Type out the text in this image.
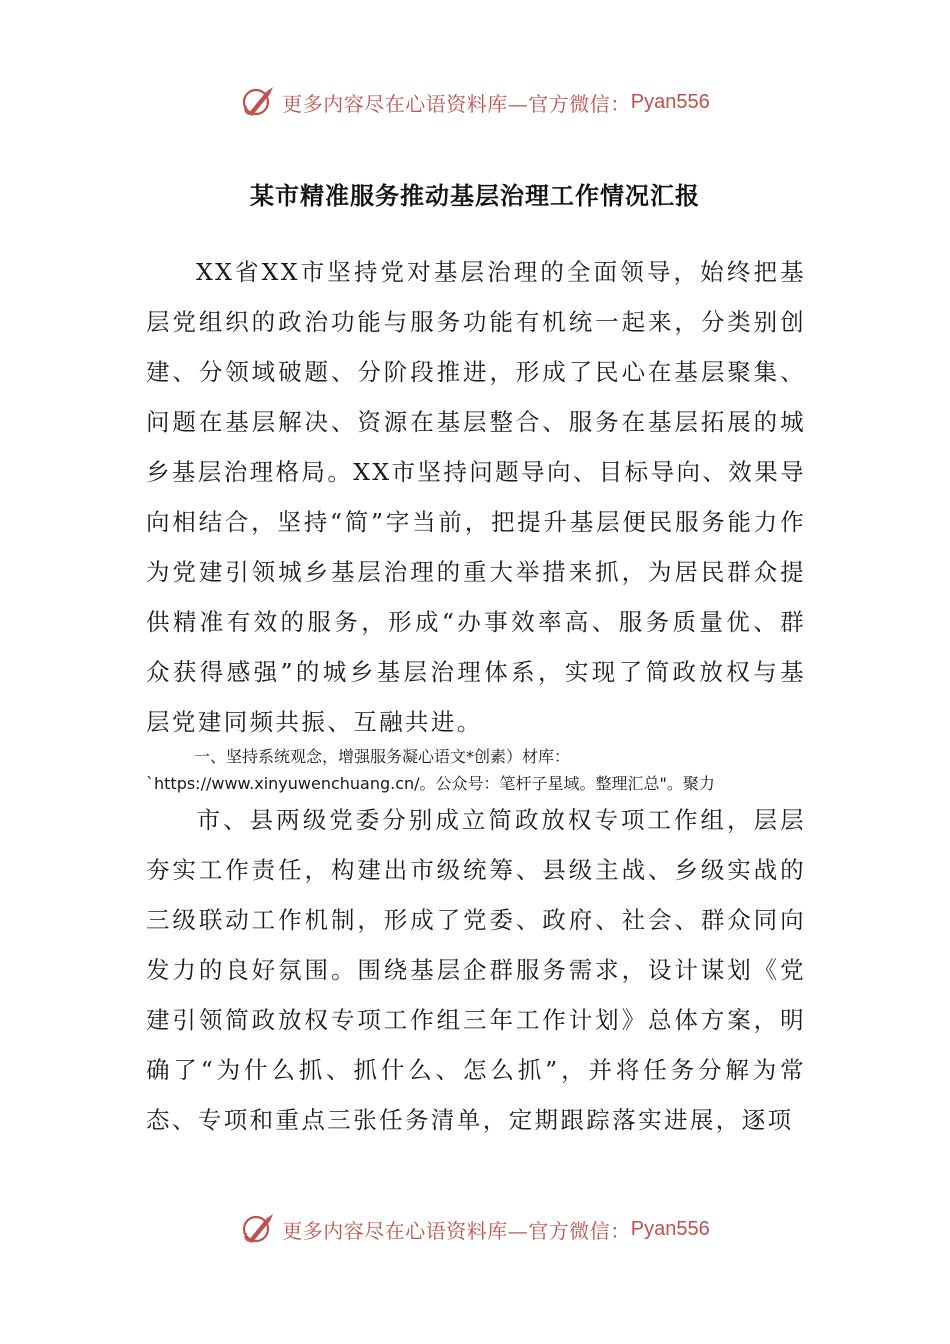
更多内容尽在心语资料库—官方微信： Pyan556
某市精准服务推动基层治理工作情况汇报

XX省XX市坚持党对基层治理的全面领导，始终把基层党组织的政治功能与服务功能有机统一起来，分类别创建、分领域破题、分阶段推进，形成了民心在基层聚集、问题在基层解决、资源在基层整合、服务在基层拓展的城乡基层治理格局。XX市坚持问题导向、目标导向、效果导向相结合，坚持“简”字当前，把提升基层便民服务能力作为党建引领城乡基层治理的重大举措来抓，为居民群众提供精准有效的服务，形成“办事效率高、服务质量优、群众获得感强”的城乡基层治理体系，实现了简政放权与基层党建同频共振、互融共进。

一、坚持系统观念，增强服务凝心语文*创素）材库：`https://www.xinyuwenchuang.cn/。公众号：笔杆子星域。整理汇总"。聚力

市、县两级党委分别成立简政放权专项工作组，层层夯实工作责任，构建出市级统筹、县级主战、乡级实战的三级联动工作机制，形成了党委、政府、社会、群众同向发力的良好氛围。围绕基层企群服务需求，设计谋划《党建引领简政放权专项工作组三年工作计划》总体方案，明确了“为什么抓、抓什么、怎么抓”，并将任务分解为常态、专项和重点三张任务清单，定期跟踪落实进展，逐项

更多内容尽在心语资料库—官方微信： Pyan556
